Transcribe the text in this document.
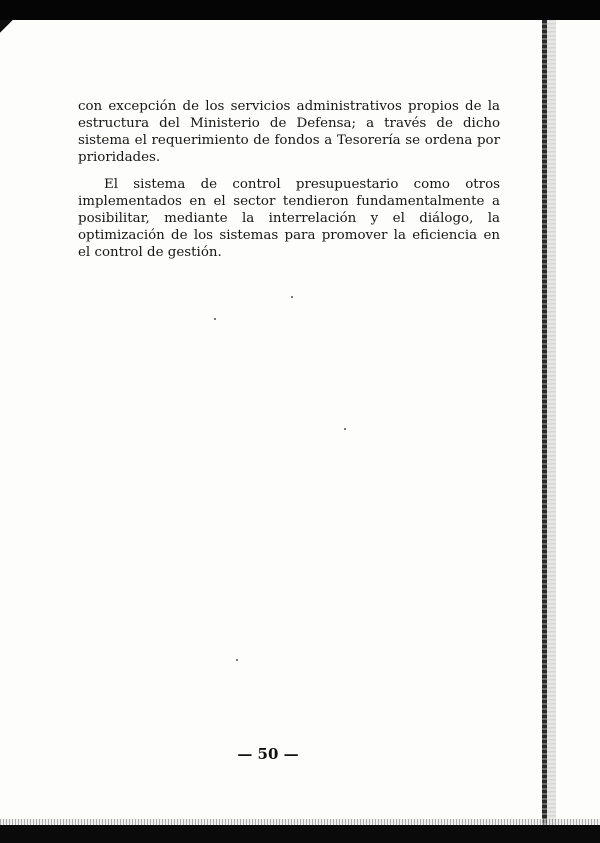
con excepción de los servicios administrativos propios de la estructura del Ministerio de Defensa; a través de dicho sistema el requerimiento de fondos a Tesorería se ordena por prioridades.

El sistema de control presupuestario como otros implementados en el sector tendieron fundamentalmente a posibilitar, mediante la interrelación y el diálogo, la optimización de los sistemas para promover la eficiencia en el control de gestión.

— 50 —
